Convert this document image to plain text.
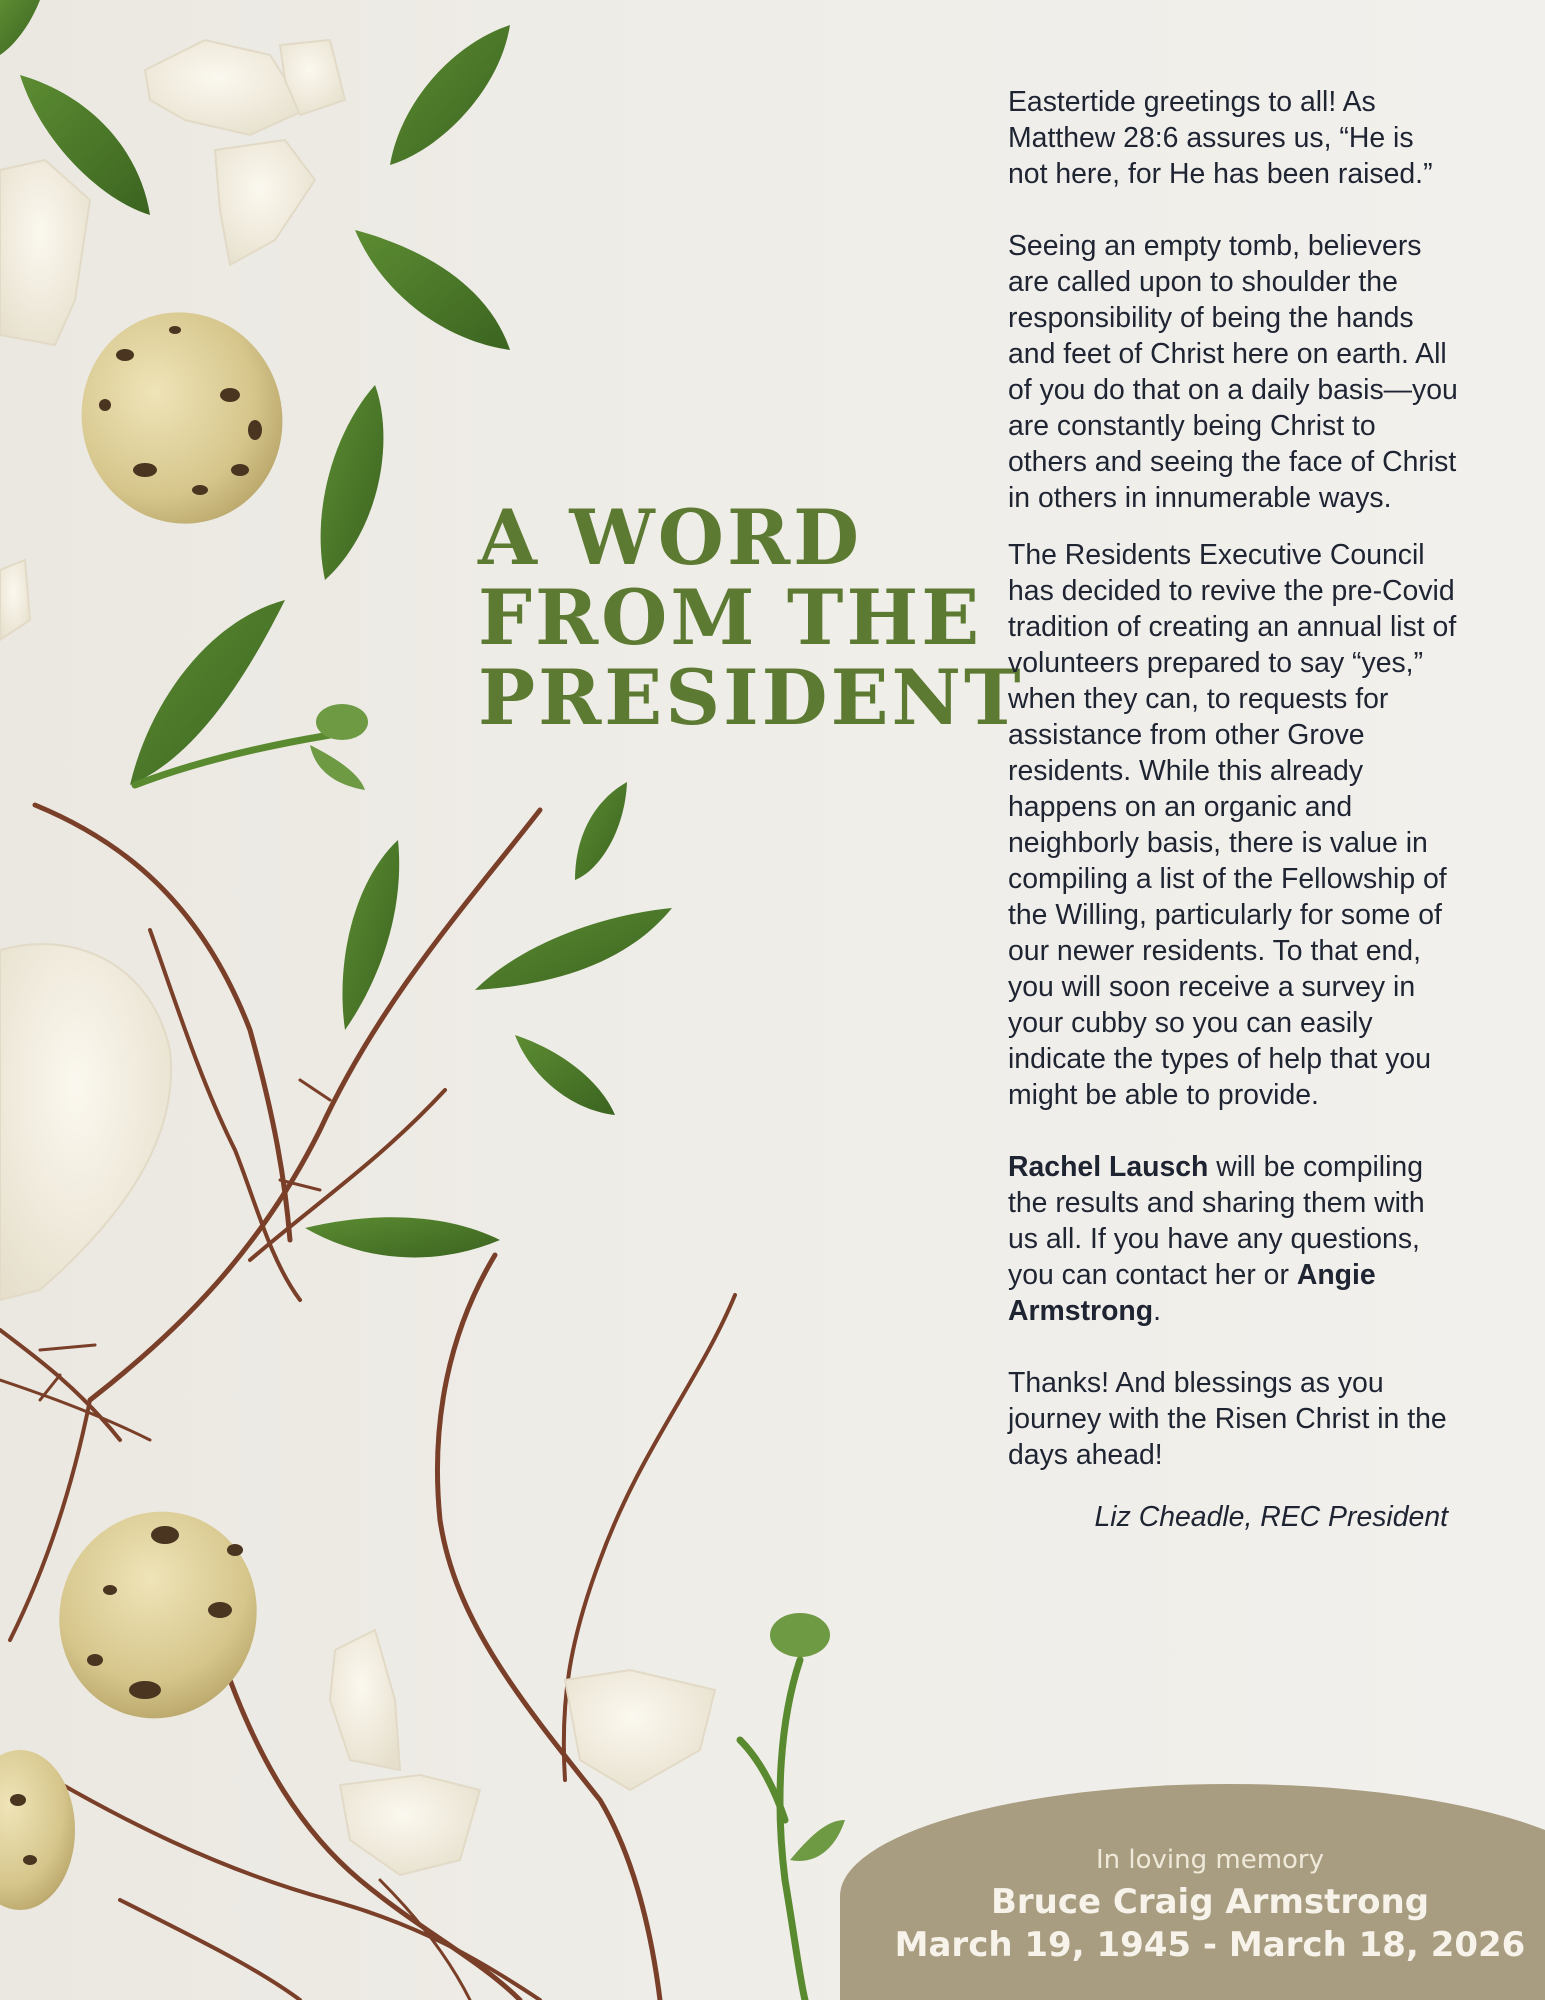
A WORD
FROM THE
PRESIDENT

Eastertide greetings to all! As Matthew 28:6 assures us, “He is not here, for He has been raised.”

Seeing an empty tomb, believers are called upon to shoulder the responsibility of being the hands and feet of Christ here on earth. All of you do that on a daily basis—you are constantly being Christ to others and seeing the face of Christ in others in innumerable ways.

The Residents Executive Council has decided to revive the pre-Covid tradition of creating an annual list of volunteers prepared to say “yes,” when they can, to requests for assistance from other Grove residents. While this already happens on an organic and neighborly basis, there is value in compiling a list of the Fellowship of the Willing, particularly for some of our newer residents. To that end, you will soon receive a survey in your cubby so you can easily indicate the types of help that you might be able to provide.

Rachel Lausch will be compiling the results and sharing them with us all. If you have any questions, you can contact her or Angie Armstrong.

Thanks! And blessings as you journey with the Risen Christ in the days ahead!

Liz Cheadle, REC President

In loving memory
Bruce Craig Armstrong
March 19, 1945 - March 18, 2026
